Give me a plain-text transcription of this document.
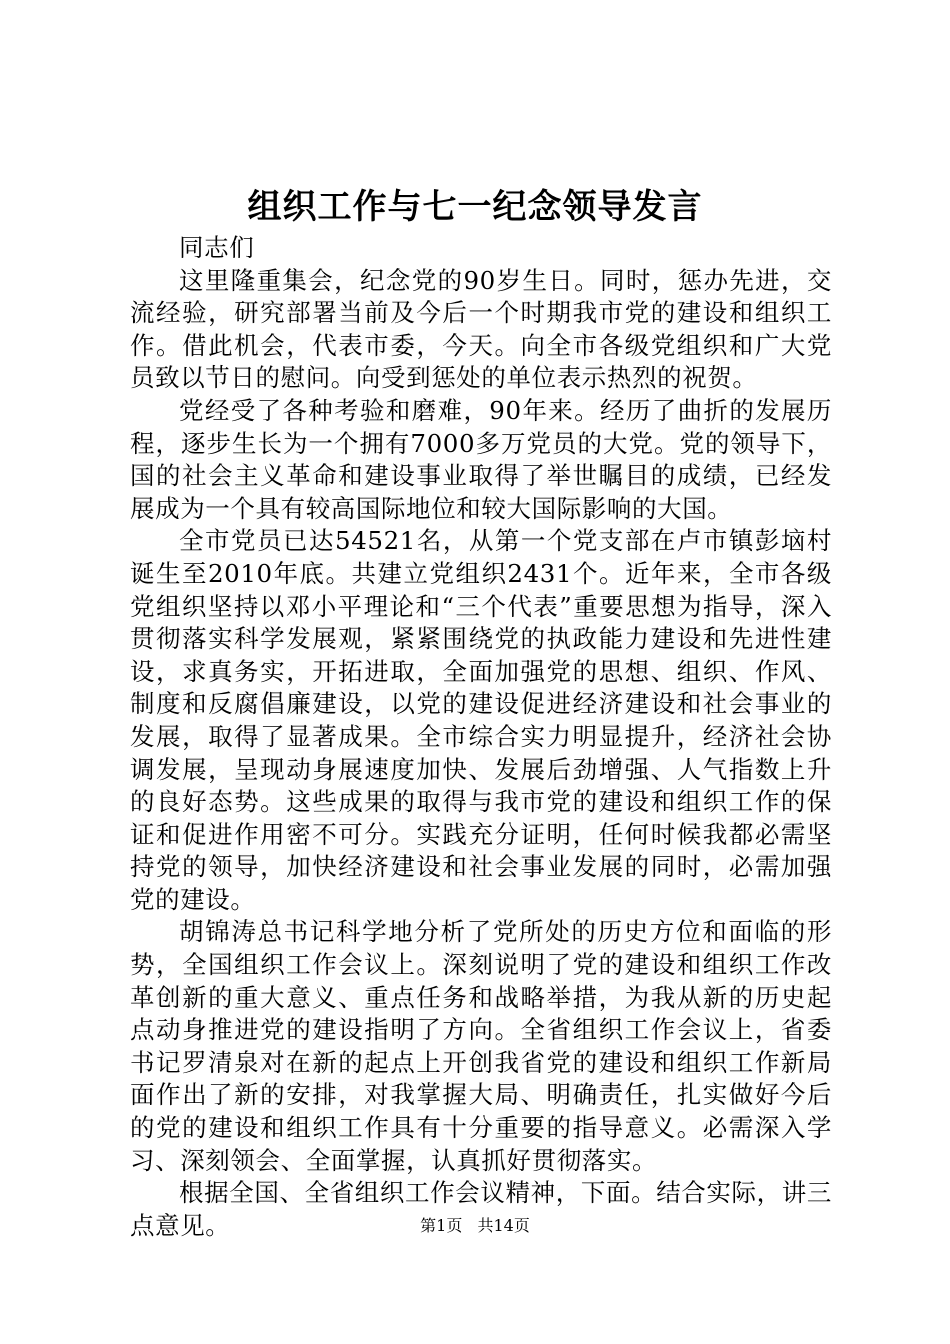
组织工作与七一纪念领导发言

同志们

这里隆重集会，纪念党的90岁生日。同时，惩办先进，交流经验，研究部署当前及今后一个时期我市党的建设和组织工作。借此机会，代表市委，今天。向全市各级党组织和广大党员致以节日的慰问。向受到惩处的单位表示热烈的祝贺。

党经受了各种考验和磨难，90年来。经历了曲折的发展历程，逐步生长为一个拥有7000多万党员的大党。党的领导下，国的社会主义革命和建设事业取得了举世瞩目的成绩，已经发展成为一个具有较高国际地位和较大国际影响的大国。

全市党员已达54521名，从第一个党支部在卢市镇彭垴村诞生至2010年底。共建立党组织2431个。近年来，全市各级党组织坚持以邓小平理论和“三个代表”重要思想为指导，深入贯彻落实科学发展观，紧紧围绕党的执政能力建设和先进性建设，求真务实，开拓进取，全面加强党的思想、组织、作风、制度和反腐倡廉建设，以党的建设促进经济建设和社会事业的发展，取得了显著成果。全市综合实力明显提升，经济社会协调发展，呈现动身展速度加快、发展后劲增强、人气指数上升的良好态势。这些成果的取得与我市党的建设和组织工作的保证和促进作用密不可分。实践充分证明，任何时候我都必需坚持党的领导，加快经济建设和社会事业发展的同时，必需加强党的建设。

胡锦涛总书记科学地分析了党所处的历史方位和面临的形势，全国组织工作会议上。深刻说明了党的建设和组织工作改革创新的重大意义、重点任务和战略举措，为我从新的历史起点动身推进党的建设指明了方向。全省组织工作会议上，省委书记罗清泉对在新的起点上开创我省党的建设和组织工作新局面作出了新的安排，对我掌握大局、明确责任，扎实做好今后的党的建设和组织工作具有十分重要的指导意义。必需深入学习、深刻领会、全面掌握，认真抓好贯彻落实。

根据全国、全省组织工作会议精神，下面。结合实际，讲三点意见。	第1页 共14页
